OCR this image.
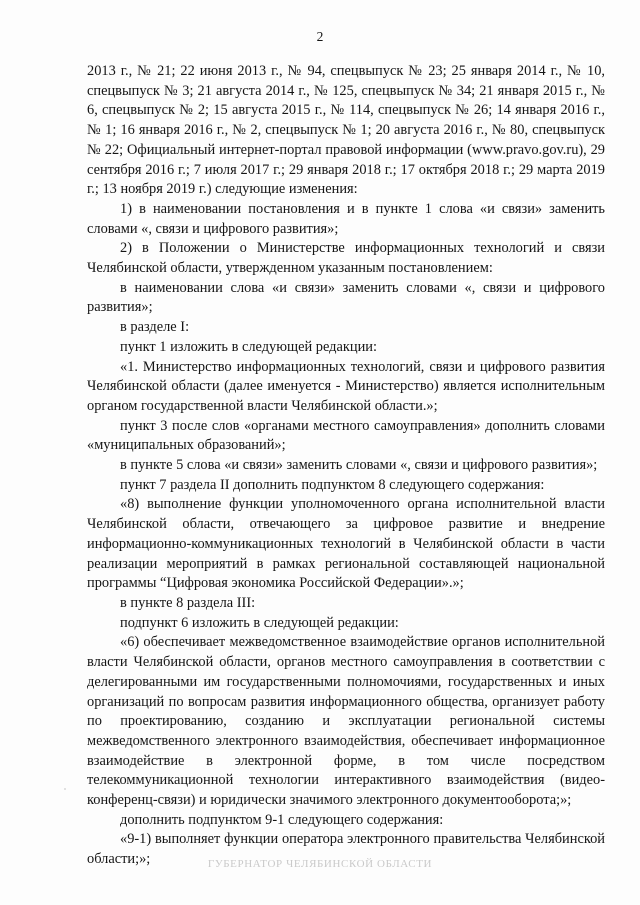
2

2013 г., № 21; 22 июня 2013 г., № 94, спецвыпуск № 23; 25 января 2014 г., № 10, спецвыпуск № 3; 21 августа 2014 г., № 125, спецвыпуск № 34; 21 января 2015 г., № 6, спецвыпуск № 2; 15 августа 2015 г., № 114, спецвыпуск № 26; 14 января 2016 г., № 1; 16 января 2016 г., № 2, спецвыпуск № 1; 20 августа 2016 г., № 80, спецвыпуск № 22; Официальный интернет-портал правовой информации (www.pravo.gov.ru), 29 сентября 2016 г.; 7 июля 2017 г.; 29 января 2018 г.; 17 октября 2018 г.; 29 марта 2019 г.; 13 ноября 2019 г.) следующие изменения:

1) в наименовании постановления и в пункте 1 слова «и связи» заменить словами «, связи и цифрового развития»;

2) в Положении о Министерстве информационных технологий и связи Челябинской области, утвержденном указанным постановлением:

в наименовании слова «и связи» заменить словами «, связи и цифрового развития»;

в разделе I:

пункт 1 изложить в следующей редакции:

«1. Министерство информационных технологий, связи и цифрового развития Челябинской области (далее именуется - Министерство) является исполнительным органом государственной власти Челябинской области.»;

пункт 3 после слов «органами местного самоуправления» дополнить словами «муниципальных образований»;

в пункте 5 слова «и связи» заменить словами «, связи и цифрового развития»;

пункт 7 раздела II дополнить подпунктом 8 следующего содержания:

«8) выполнение функции уполномоченного органа исполнительной власти Челябинской области, отвечающего за цифровое развитие и внедрение информационно-коммуникационных технологий в Челябинской области в части реализации мероприятий в рамках региональной составляющей национальной программы “Цифровая экономика Российской Федерации».»;

в пункте 8 раздела III:

подпункт 6 изложить в следующей редакции:

«6) обеспечивает межведомственное взаимодействие органов исполнительной власти Челябинской области, органов местного самоуправления в соответствии с делегированными им государственными полномочиями, государственных и иных организаций по вопросам развития информационного общества, организует работу по проектированию, созданию и эксплуатации региональной системы межведомственного электронного взаимодействия, обеспечивает информационное взаимодействие в электронной форме, в том числе посредством телекоммуникационной технологии интерактивного взаимодействия (видео-конференц-связи) и юридически значимого электронного документооборота;»;

дополнить подпунктом 9-1 следующего содержания:

«9-1) выполняет функции оператора электронного правительства Челябинской области;»;	ГУБЕРНАТОР ЧЕЛЯБИНСКОЙ ОБЛАСТИ
